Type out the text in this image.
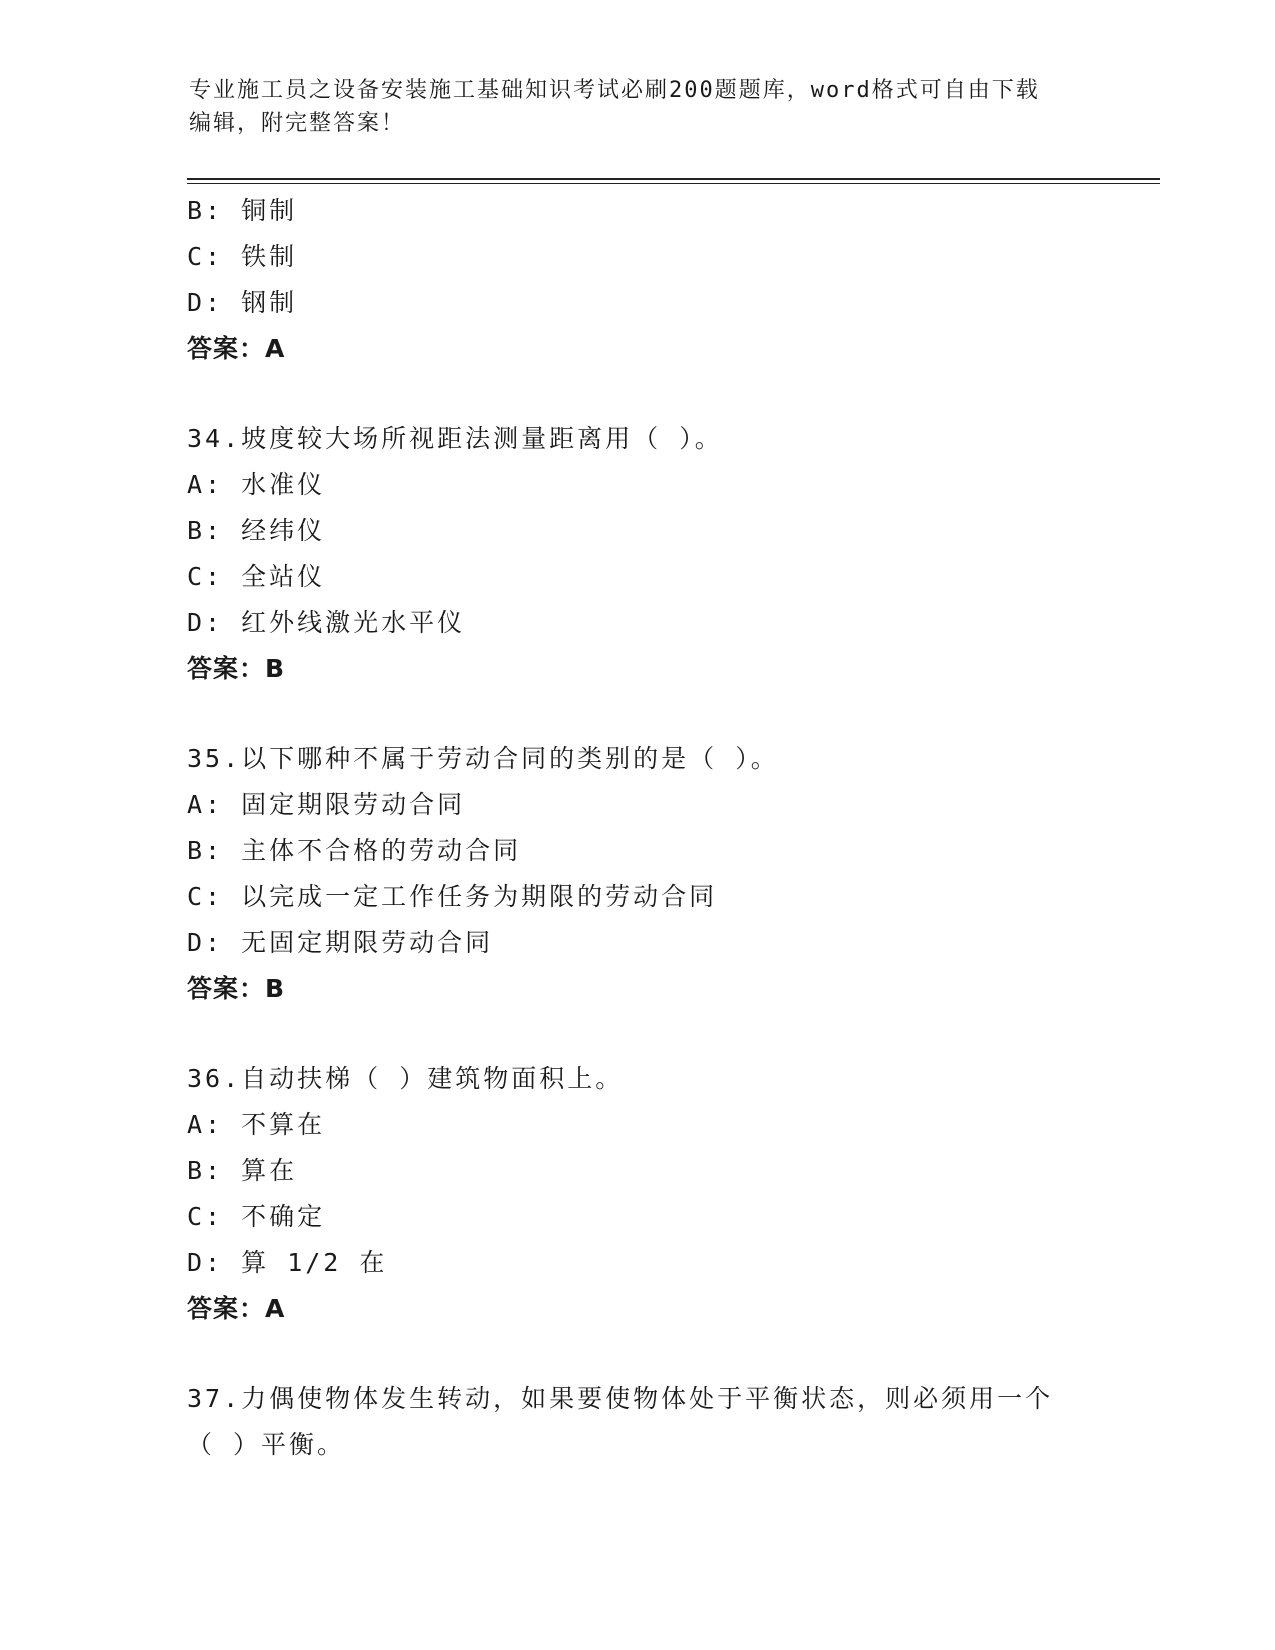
专业施工员之设备安装施工基础知识考试必刷200题题库，word格式可自由下载
编辑，附完整答案！
B: 铜制
C: 铁制
D: 钢制
答案：A
34.坡度较大场所视距法测量距离用（ ）。
A: 水准仪
B: 经纬仪
C: 全站仪
D: 红外线激光水平仪
答案：B
35.以下哪种不属于劳动合同的类别的是（ ）。
A: 固定期限劳动合同
B: 主体不合格的劳动合同
C: 以完成一定工作任务为期限的劳动合同
D: 无固定期限劳动合同
答案：B
36.自动扶梯（ ）建筑物面积上。
A: 不算在
B: 算在
C: 不确定
D: 算 1/2 在
答案：A
37.力偶使物体发生转动，如果要使物体处于平衡状态，则必须用一个
（ ）平衡。
